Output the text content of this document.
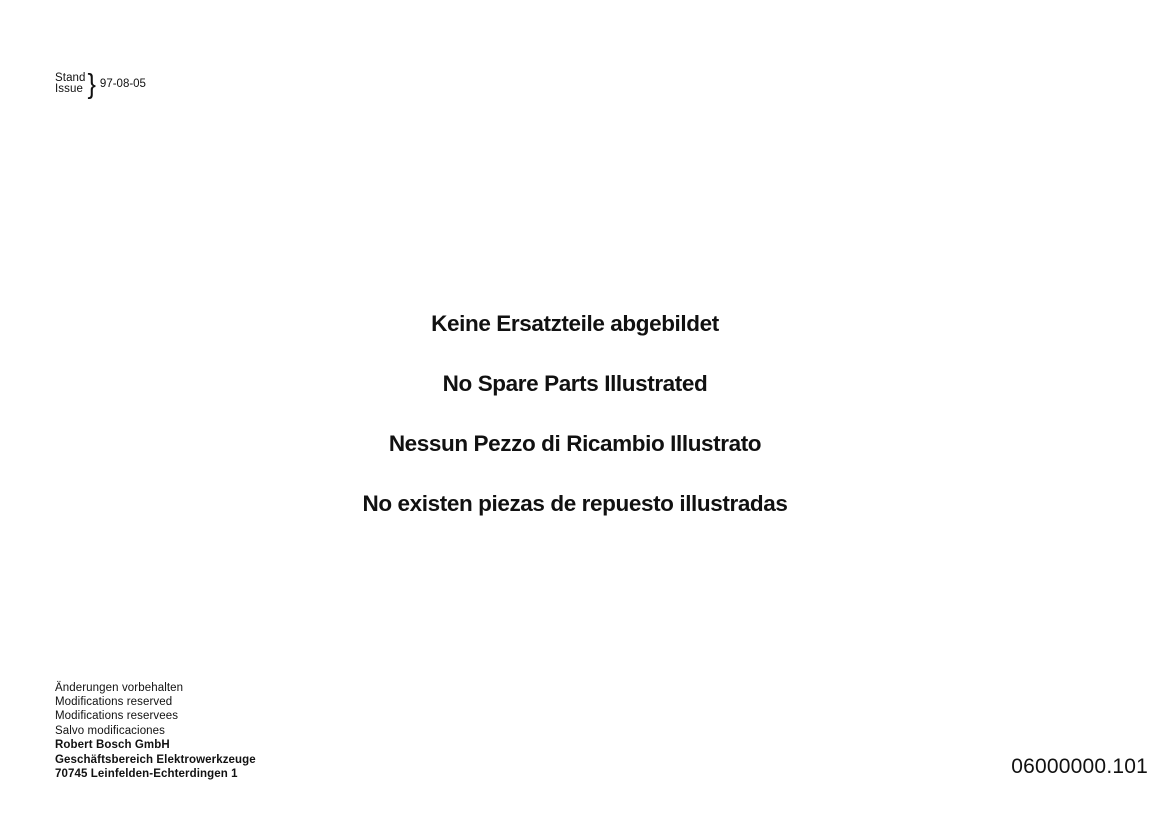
Stand
Issue } 97-08-05
Keine Ersatzteile abgebildet
No Spare Parts Illustrated
Nessun Pezzo di Ricambio Illustrato
No existen piezas de repuesto illustradas
Änderungen vorbehalten
Modifications reserved
Modifications reservees
Salvo modificaciones
Robert Bosch GmbH
Geschäftsbereich Elektrowerkzeuge
70745 Leinfelden-Echterdingen 1	06000000.101
